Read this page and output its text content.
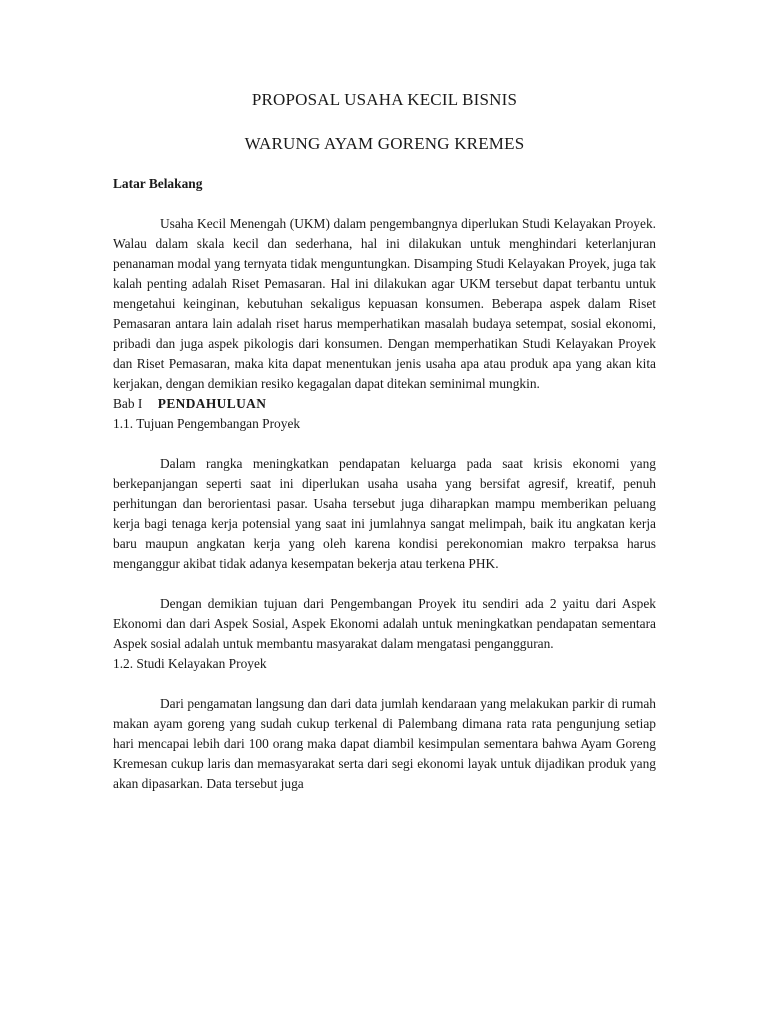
PROPOSAL USAHA KECIL BISNIS
WARUNG AYAM GORENG KREMES

Latar Belakang

Usaha Kecil Menengah (UKM) dalam pengembangnya diperlukan Studi Kelayakan Proyek. Walau dalam skala kecil dan sederhana, hal ini dilakukan untuk menghindari keterlanjuran penanaman modal yang ternyata tidak menguntungkan. Disamping Studi Kelayakan Proyek, juga tak kalah penting adalah Riset Pemasaran. Hal ini dilakukan agar UKM tersebut dapat terbantu untuk mengetahui keinginan, kebutuhan sekaligus kepuasan konsumen. Beberapa aspek dalam Riset Pemasaran antara lain adalah riset harus memperhatikan masalah budaya setempat, sosial ekonomi, pribadi dan juga aspek pikologis dari konsumen. Dengan memperhatikan Studi Kelayakan Proyek dan Riset Pemasaran, maka kita dapat menentukan jenis usaha apa atau produk apa yang akan kita kerjakan, dengan demikian resiko kegagalan dapat ditekan seminimal mungkin.

Bab I PENDAHULUAN

1.1. Tujuan Pengembangan Proyek

Dalam rangka meningkatkan pendapatan keluarga pada saat krisis ekonomi yang berkepanjangan seperti saat ini diperlukan usaha usaha yang bersifat agresif, kreatif, penuh perhitungan dan berorientasi pasar. Usaha tersebut juga diharapkan mampu memberikan peluang kerja bagi tenaga kerja potensial yang saat ini jumlahnya sangat melimpah, baik itu angkatan kerja baru maupun angkatan kerja yang oleh karena kondisi perekonomian makro terpaksa harus menganggur akibat tidak adanya kesempatan bekerja atau terkena PHK.

Dengan demikian tujuan dari Pengembangan Proyek itu sendiri ada 2 yaitu dari Aspek Ekonomi dan dari Aspek Sosial, Aspek Ekonomi adalah untuk meningkatkan pendapatan sementara Aspek sosial adalah untuk membantu masyarakat dalam mengatasi pengangguran.

1.2. Studi Kelayakan Proyek

Dari pengamatan langsung dan dari data jumlah kendaraan yang melakukan parkir di rumah makan ayam goreng yang sudah cukup terkenal di Palembang dimana rata rata pengunjung setiap hari mencapai lebih dari 100 orang maka dapat diambil kesimpulan sementara bahwa Ayam Goreng Kremesan cukup laris dan memasyarakat serta dari segi ekonomi layak untuk dijadikan produk yang akan dipasarkan. Data tersebut juga
